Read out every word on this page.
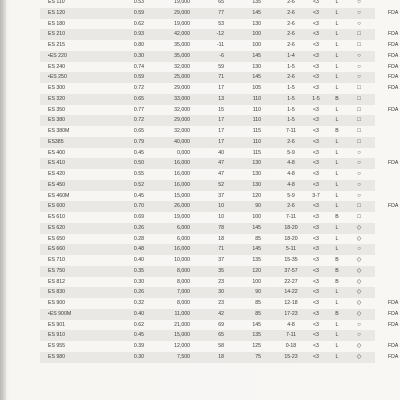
ES 110	0.53	19,000	65	135	2-6	<3	L	○
ES 120	0.59	29,000	77	145	2-6	<3	L	○	FDA
ES 180	0.62	19,000	53	130	2-6	<3	L	○
ES 210	0.93	42,000	-12	100	2-6	<3	L	□	FDA
ES 215	0.80	35,000	-11	100	2-6	<3	L	□	FDA
•ES 220	0.30	35,000	-6	145	1-4	<3	L	○	FDA
ES 240	0.74	32,000	59	130	1-5	<3	L	○	FDA
•ES 250	0.59	25,000	71	145	2-6	<3	L	○	FDA
ES 300	0.72	29,000	17	105	1-5	<3	L	□	FDA
ES 320	0.65	33,000	13	110	1-5	1-5	B	□
ES 350	0.77	32,000	15	110	1-5	<3	L	□	FDA
ES 380	0.72	29,000	17	110	1-5	<3	L	□
ES 380M	0.65	32,000	17	115	7-11	<3	B	□
ES385	0.79	40,000	17	110	2-6	<3	L	□
ES 400	0.45	0,000	40	115	5-9	<3	L	○
ES 410	0.50	16,000	47	130	4-8	<3	L	○	FDA
ES 420	0.55	16,000	47	130	4-8	<3	L	○
ES 450	0.52	16,000	52	130	4-8	<3	L	○
ES 460M	0.45	15,000	37	120	5-9	3-7	L	○
ES 600	0.70	26,000	10	90	2-6	<3	L	□	FDA
ES 610	0.69	19,000	10	100	7-11	<3	B	□
ES 620	0.26	6,000	78	145	18-20	<3	L	◇
ES 650	0.28	6,000	18	85	18-20	<3	L	◇
ES 660	0.48	16,000	71	145	5-11	<3	L	○
ES 710	0.40	10,000	37	135	15-35	<3	B	◇
ES 750	0.35	8,000	35	120	37-57	<3	B	◇
ES 812	0.30	8,000	23	100	22-27	<3	B	◇
ES 830	0.26	7,000	30	90	14-22	<3	L	◇
ES 900	0.32	8,000	23	85	12-18	<3	L	◇	FDA
•ES 900M	0.40	11,000	42	85	17-23	<3	B	◇	FDA
ES 901	0.62	21,000	69	145	4-8	<3	L	○	FDA
ES 910	0.45	15,000	65	135	7-11	<3	L	○
ES 955	0.39	12,000	58	125	0-18	<3	L	◇	FDA
ES 980	0.30	7,500	18	75	15-23	<3	L	◇	FDA
